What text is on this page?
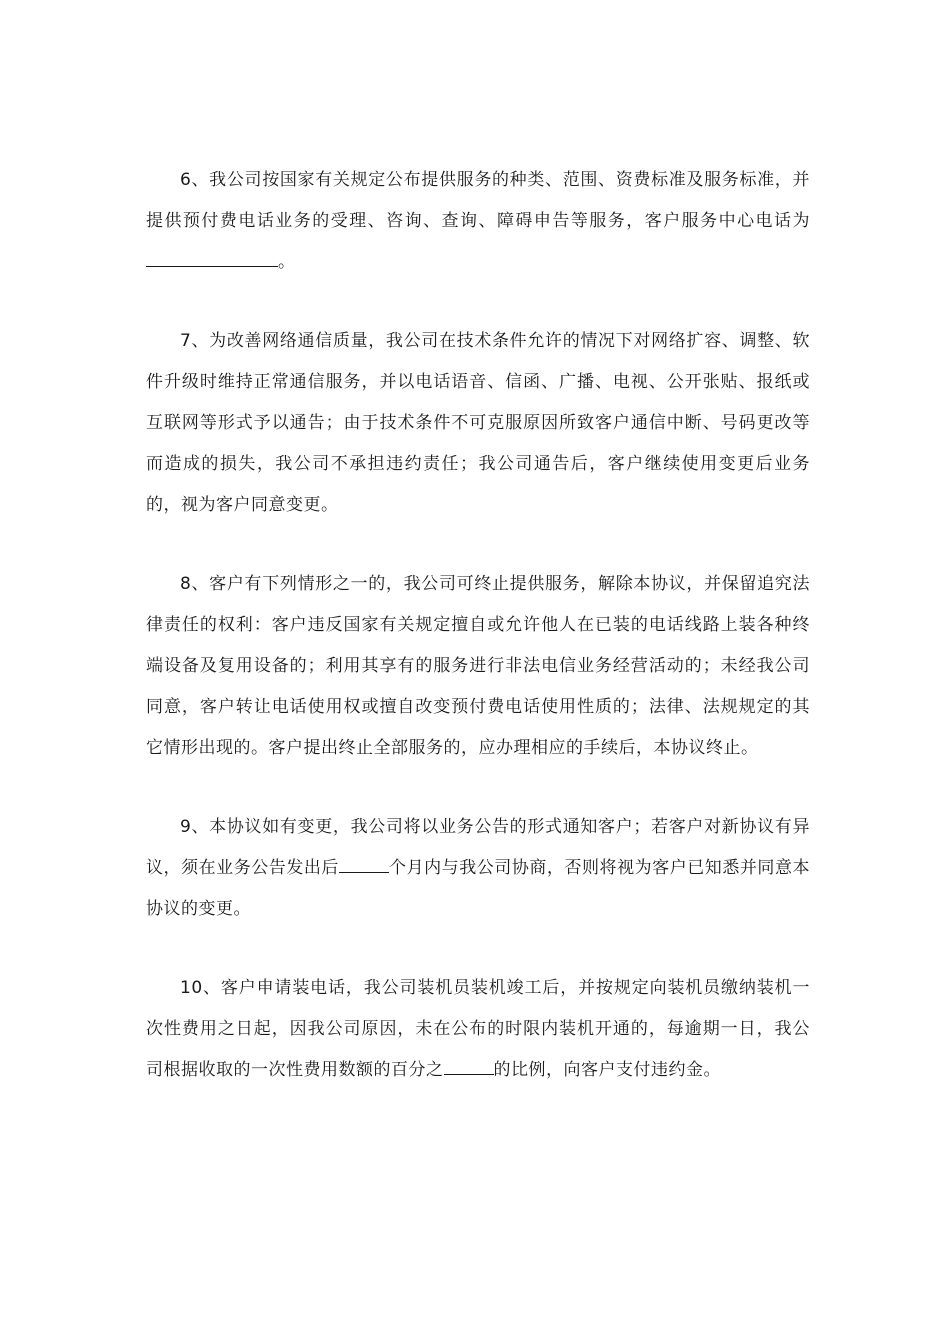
6、我公司按国家有关规定公布提供服务的种类、范围、资费标准及服务标准，并提供预付费电话业务的受理、咨询、查询、障碍申告等服务，客户服务中心电话为。

7、为改善网络通信质量，我公司在技术条件允许的情况下对网络扩容、调整、软件升级时维持正常通信服务，并以电话语音、信函、广播、电视、公开张贴、报纸或互联网等形式予以通告；由于技术条件不可克服原因所致客户通信中断、号码更改等而造成的损失，我公司不承担违约责任；我公司通告后，客户继续使用变更后业务的，视为客户同意变更。

8、客户有下列情形之一的，我公司可终止提供服务，解除本协议，并保留追究法律责任的权利：客户违反国家有关规定擅自或允许他人在已装的电话线路上装各种终端设备及复用设备的；利用其享有的服务进行非法电信业务经营活动的；未经我公司同意，客户转让电话使用权或擅自改变预付费电话使用性质的；法律、法规规定的其它情形出现的。客户提出终止全部服务的，应办理相应的手续后，本协议终止。

9、本协议如有变更，我公司将以业务公告的形式通知客户；若客户对新协议有异议，须在业务公告发出后	个月内与我公司协商，否则将视为客户已知悉并同意本协议的变更。

10、客户申请装电话，我公司装机员装机竣工后，并按规定向装机员缴纳装机一次性费用之日起，因我公司原因，未在公布的时限内装机开通的，每逾期一日，我公司根据收取的一次性费用数额的百分之	的比例，向客户支付违约金。
